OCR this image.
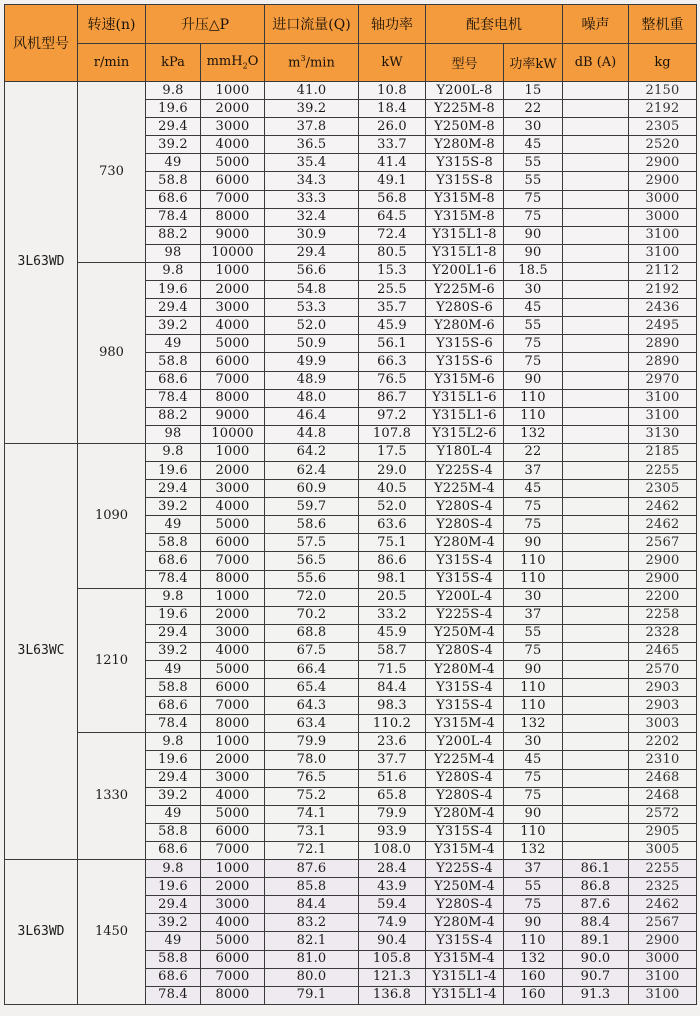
风机型号	转速(n)	升压△P		进口流量(Q)	轴功率	配套电机		噪声	整机重
	r/min	kPa	mmH$_2$O	$m^3/\min$	kW	型号	功率kW	dB (A)	kg
3L63WD	730	9.8	1000	41.0	10.8	Y200L-8	15		2150
		19.6	2000	39.2	18.4	Y225M-8	22		2192
		29.4	3000	37.8	26.0	Y250M-8	30		2305
		39.2	4000	36.5	33.7	Y280M-8	45		2520
		49	5000	35.4	41.4	Y315S-8	55		2900
		58.8	6000	34.3	49.1	Y315S-8	55		2900
		68.6	7000	33.3	56.8	Y315M-8	75		3000
		78.4	8000	32.4	64.5	Y315M-8	75		3000
		88.2	9000	30.9	72.4	Y315L1-8	90		3100
		98	10000	29.4	80.5	Y315L1-8	90		3100
	980	9.8	1000	56.6	15.3	Y200L1-6	18.5		2112
		19.6	2000	54.8	25.5	Y225M-6	30		2192
		29.4	3000	53.3	35.7	Y280S-6	45		2436
		39.2	4000	52.0	45.9	Y280M-6	55		2495
		49	5000	50.9	56.1	Y315S-6	75		2890
		58.8	6000	49.9	66.3	Y315S-6	75		2890
		68.6	7000	48.9	76.5	Y315M-6	90		2970
		78.4	8000	48.0	86.7	Y315L1-6	110		3100
		88.2	9000	46.4	97.2	Y315L1-6	110		3100
		98	10000	44.8	107.8	Y315L2-6	132		3130
3L63WC	1090	9.8	1000	64.2	17.5	Y180L-4	22		2185
		19.6	2000	62.4	29.0	Y225S-4	37		2255
		29.4	3000	60.9	40.5	Y225M-4	45		2305
		39.2	4000	59.7	52.0	Y280S-4	75		2462
		49	5000	58.6	63.6	Y280S-4	75		2462
		58.8	6000	57.5	75.1	Y280M-4	90		2567
		68.6	7000	56.5	86.6	Y315S-4	110		2900
		78.4	8000	55.6	98.1	Y315S-4	110		2900
	1210	9.8	1000	72.0	20.5	Y200L-4	30		2200
		19.6	2000	70.2	33.2	Y225S-4	37		2258
		29.4	3000	68.8	45.9	Y250M-4	55		2328
		39.2	4000	67.5	58.7	Y280S-4	75		2465
		49	5000	66.4	71.5	Y280M-4	90		2570
		58.8	6000	65.4	84.4	Y315S-4	110		2903
		68.6	7000	64.3	98.3	Y315S-4	110		2903
		78.4	8000	63.4	110.2	Y315M-4	132		3003
	1330	9.8	1000	79.9	23.6	Y200L-4	30		2202
		19.6	2000	78.0	37.7	Y225M-4	45		2310
		29.4	3000	76.5	51.6	Y280S-4	75		2468
		39.2	4000	75.2	65.8	Y280S-4	75		2468
		49	5000	74.1	79.9	Y280M-4	90		2572
		58.8	6000	73.1	93.9	Y315S-4	110		2905
		68.6	7000	72.1	108.0	Y315M-4	132		3005
3L63WD	1450	9.8	1000	87.6	28.4	Y225S-4	37	86.1	2255
		19.6	2000	85.8	43.9	Y250M-4	55	86.8	2325
		29.4	3000	84.4	59.4	Y280S-4	75	87.6	2462
		39.2	4000	83.2	74.9	Y280M-4	90	88.4	2567
		49	5000	82.1	90.4	Y315S-4	110	89.1	2900
		58.8	6000	81.0	105.8	Y315M-4	132	90.0	3000
		68.6	7000	80.0	121.3	Y315L1-4	160	90.7	3100
		78.4	8000	79.1	136.8	Y315L1-4	160	91.3	3100
